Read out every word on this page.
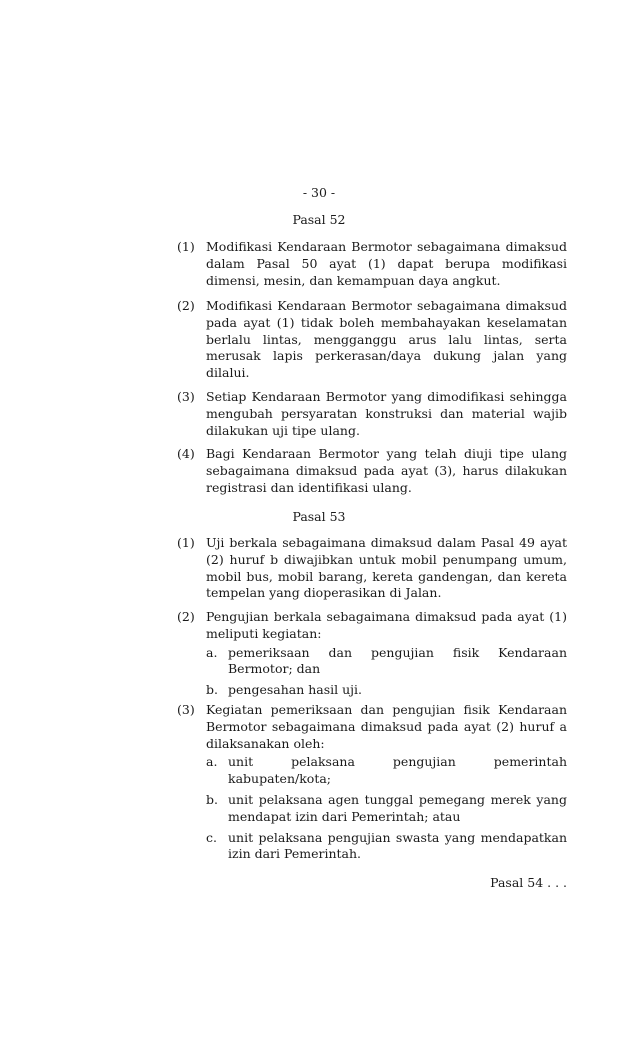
- 30 -
Pasal 52
(1) Modifikasi Kendaraan Bermotor sebagaimana dimaksud dalam Pasal 50 ayat (1) dapat berupa modifikasi dimensi, mesin, dan kemampuan daya angkut.
(2) Modifikasi Kendaraan Bermotor sebagaimana dimaksud pada ayat (1) tidak boleh membahayakan keselamatan berlalu lintas, mengganggu arus lalu lintas, serta merusak lapis perkerasan/daya dukung jalan yang dilalui.
(3) Setiap Kendaraan Bermotor yang dimodifikasi sehingga mengubah persyaratan konstruksi dan material wajib dilakukan uji tipe ulang.
(4) Bagi Kendaraan Bermotor yang telah diuji tipe ulang sebagaimana dimaksud pada ayat (3), harus dilakukan registrasi dan identifikasi ulang.
Pasal 53
(1) Uji berkala sebagaimana dimaksud dalam Pasal 49 ayat (2) huruf b diwajibkan untuk mobil penumpang umum, mobil bus, mobil barang, kereta gandengan, dan kereta tempelan yang dioperasikan di Jalan.
(2) Pengujian berkala sebagaimana dimaksud pada ayat (1) meliputi kegiatan:
a. pemeriksaan dan pengujian fisik Kendaraan Bermotor; dan
b. pengesahan hasil uji.
(3) Kegiatan pemeriksaan dan pengujian fisik Kendaraan Bermotor sebagaimana dimaksud pada ayat (2) huruf a dilaksanakan oleh:
a. unit pelaksana pengujian pemerintah kabupaten/kota;
b. unit pelaksana agen tunggal pemegang merek yang mendapat izin dari Pemerintah; atau
c. unit pelaksana pengujian swasta yang mendapatkan izin dari Pemerintah.
Pasal 54 . . .
